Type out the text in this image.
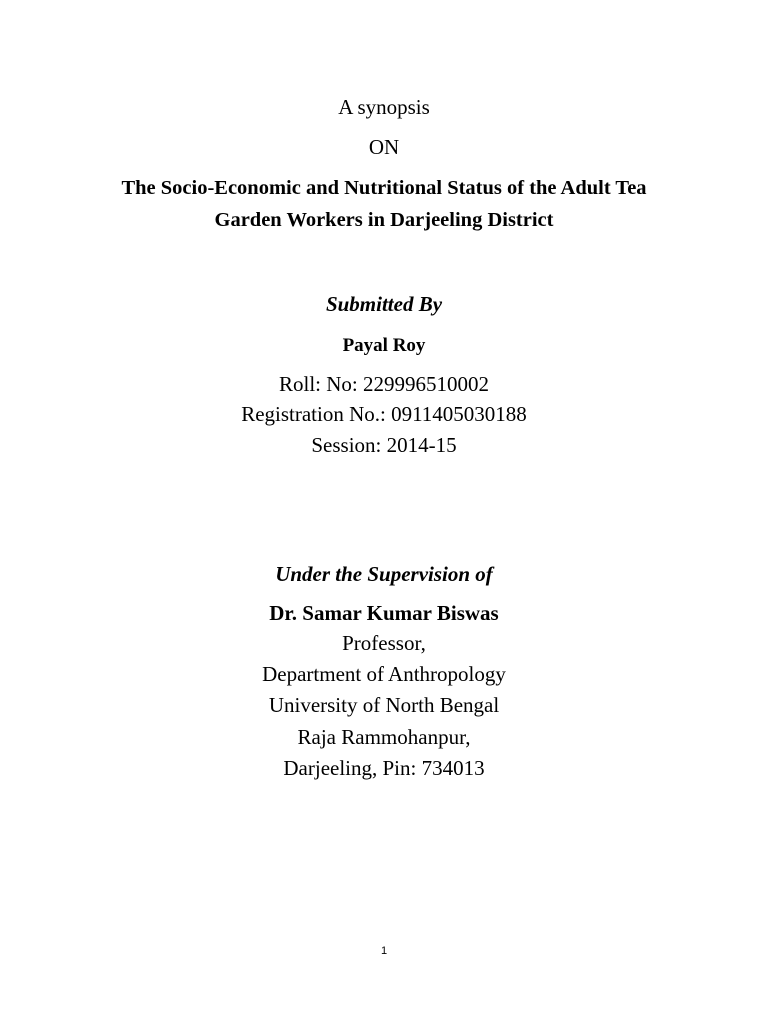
A synopsis
ON
The Socio-Economic and Nutritional Status of the Adult Tea
Garden Workers in Darjeeling District
Submitted By
Payal Roy
Roll: No: 229996510002
Registration No.: 0911405030188
Session: 2014-15
Under the Supervision of
Dr. Samar Kumar Biswas
Professor,
Department of Anthropology
University of North Bengal
Raja Rammohanpur,
Darjeeling, Pin: 734013
1
